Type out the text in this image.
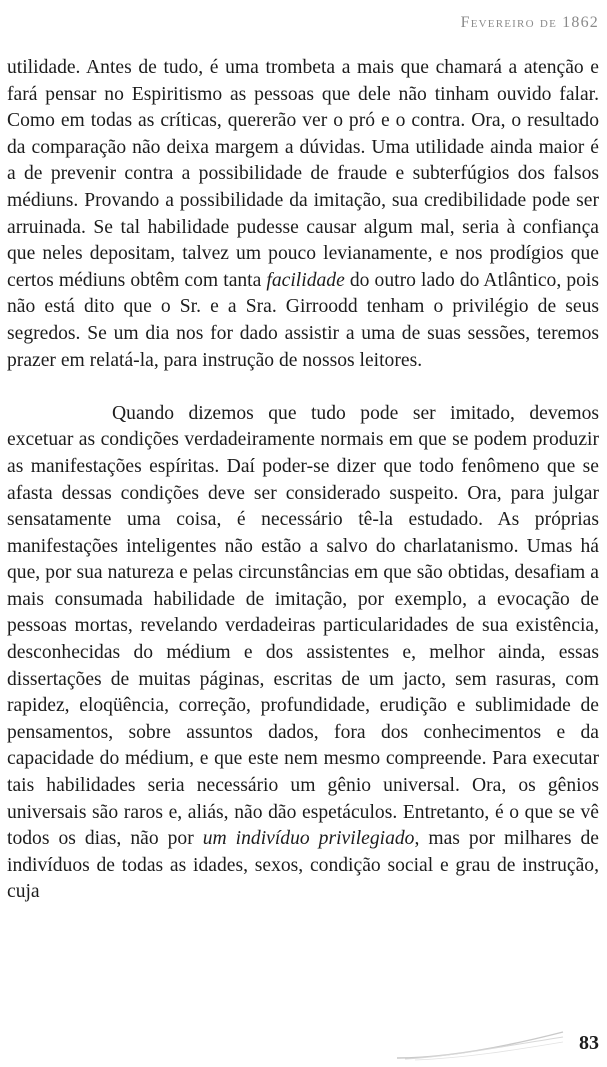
Fevereiro de 1862

utilidade. Antes de tudo, é uma trombeta a mais que chamará a atenção e fará pensar no Espiritismo as pessoas que dele não tinham ouvido falar. Como em todas as críticas, quererão ver o pró e o contra. Ora, o resultado da comparação não deixa margem a dúvidas. Uma utilidade ainda maior é a de prevenir contra a possibilidade de fraude e subterfúgios dos falsos médiuns. Provando a possibilidade da imitação, sua credibilidade pode ser arruinada. Se tal habilidade pudesse causar algum mal, seria à confiança que neles depositam, talvez um pouco levianamente, e nos prodígios que certos médiuns obtêm com tanta facilidade do outro lado do Atlântico, pois não está dito que o Sr. e a Sra. Girroodd tenham o privilégio de seus segredos. Se um dia nos for dado assistir a uma de suas sessões, teremos prazer em relatá-la, para instrução de nossos leitores.

Quando dizemos que tudo pode ser imitado, devemos excetuar as condições verdadeiramente normais em que se podem produzir as manifestações espíritas. Daí poder-se dizer que todo fenômeno que se afasta dessas condições deve ser considerado suspeito. Ora, para julgar sensatamente uma coisa, é necessário tê-la estudado. As próprias manifestações inteligentes não estão a salvo do charlatanismo. Umas há que, por sua natureza e pelas circunstâncias em que são obtidas, desafiam a mais consumada habilidade de imitação, por exemplo, a evocação de pessoas mortas, revelando verdadeiras particularidades de sua existência, desconhecidas do médium e dos assistentes e, melhor ainda, essas dissertações de muitas páginas, escritas de um jacto, sem rasuras, com rapidez, eloqüência, correção, profundidade, erudição e sublimidade de pensamentos, sobre assuntos dados, fora dos conhecimentos e da capacidade do médium, e que este nem mesmo compreende. Para executar tais habilidades seria necessário um gênio universal. Ora, os gênios universais são raros e, aliás, não dão espetáculos. Entretanto, é o que se vê todos os dias, não por um indivíduo privilegiado, mas por milhares de indivíduos de todas as idades, sexos, condição social e grau de instrução, cuja

83
